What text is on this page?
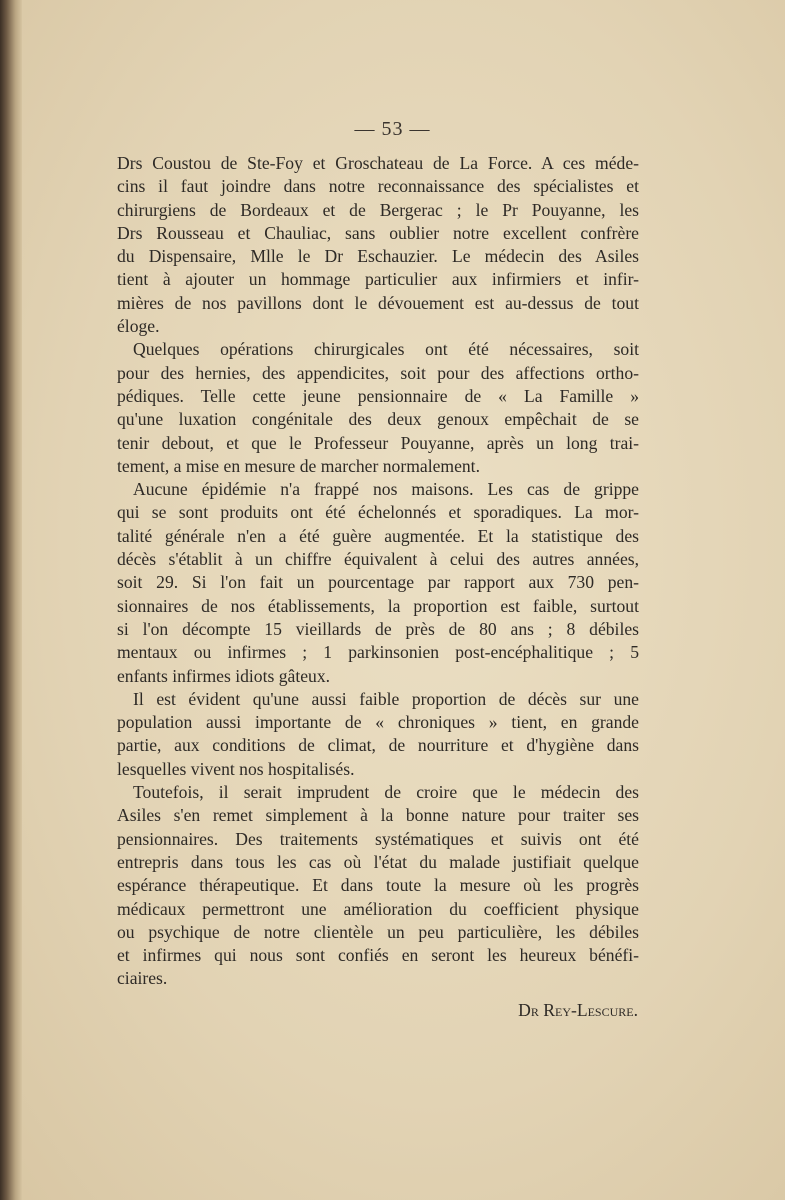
— 53 —
Drs Coustou de Ste-Foy et Groschateau de La Force. A ces méde-
cins il faut joindre dans notre reconnaissance des spécialistes et
chirurgiens de Bordeaux et de Bergerac ; le Pr Pouyanne, les
Drs Rousseau et Chauliac, sans oublier notre excellent confrère
du Dispensaire, Mlle le Dr Eschauzier. Le médecin des Asiles
tient à ajouter un hommage particulier aux infirmiers et infir-
mières de nos pavillons dont le dévouement est au-dessus de tout
éloge.
Quelques opérations chirurgicales ont été nécessaires, soit
pour des hernies, des appendicites, soit pour des affections ortho-
pédiques. Telle cette jeune pensionnaire de « La Famille »
qu'une luxation congénitale des deux genoux empêchait de se
tenir debout, et que le Professeur Pouyanne, après un long trai-
tement, a mise en mesure de marcher normalement.
Aucune épidémie n'a frappé nos maisons. Les cas de grippe
qui se sont produits ont été échelonnés et sporadiques. La mor-
talité générale n'en a été guère augmentée. Et la statistique des
décès s'établit à un chiffre équivalent à celui des autres années,
soit 29. Si l'on fait un pourcentage par rapport aux 730 pen-
sionnaires de nos établissements, la proportion est faible, surtout
si l'on décompte 15 vieillards de près de 80 ans ; 8 débiles
mentaux ou infirmes ; 1 parkinsonien post-encéphalitique ; 5
enfants infirmes idiots gâteux.
Il est évident qu'une aussi faible proportion de décès sur une
population aussi importante de « chroniques » tient, en grande
partie, aux conditions de climat, de nourriture et d'hygiène dans
lesquelles vivent nos hospitalisés.
Toutefois, il serait imprudent de croire que le médecin des
Asiles s'en remet simplement à la bonne nature pour traiter ses
pensionnaires. Des traitements systématiques et suivis ont été
entrepris dans tous les cas où l'état du malade justifiait quelque
espérance thérapeutique. Et dans toute la mesure où les progrès
médicaux permettront une amélioration du coefficient physique
ou psychique de notre clientèle un peu particulière, les débiles
et infirmes qui nous sont confiés en seront les heureux bénéfi-
ciaires.
Dr Rey-Lescure.
